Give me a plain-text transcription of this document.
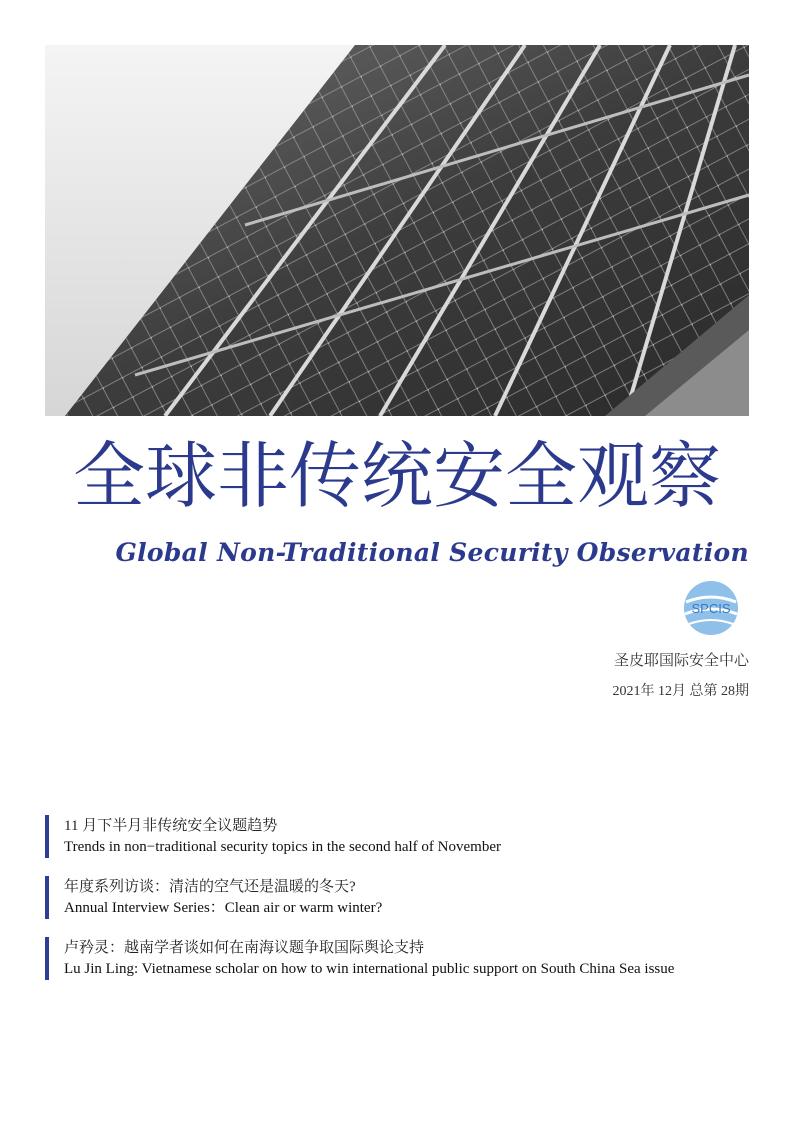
全球非传统安全观察
Global Non-Traditional Security Observation
SPCIS
圣皮耶国际安全中心
2021年 12月 总第 28期
11 月下半月非传统安全议题趋势
Trends in non−traditional security topics in the second half of November
年度系列访谈：清洁的空气还是温暖的冬天?
Annual Interview Series：Clean air or warm winter?
卢矜灵：越南学者谈如何在南海议题争取国际舆论支持
Lu Jin Ling: Vietnamese scholar on how to win international public support on South China Sea issue
